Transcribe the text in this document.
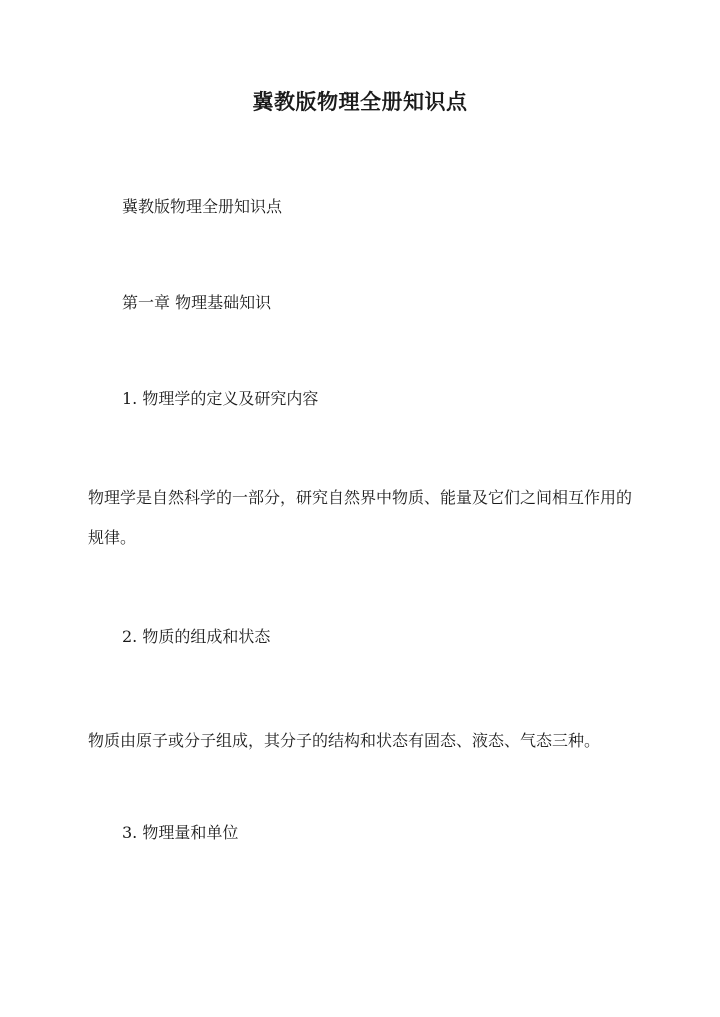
冀教版物理全册知识点
冀教版物理全册知识点
第一章 物理基础知识
1. 物理学的定义及研究内容
物理学是自然科学的一部分，研究自然界中物质、能量及它们之间相互作用的规律。
2. 物质的组成和状态
物质由原子或分子组成，其分子的结构和状态有固态、液态、气态三种。
3. 物理量和单位
